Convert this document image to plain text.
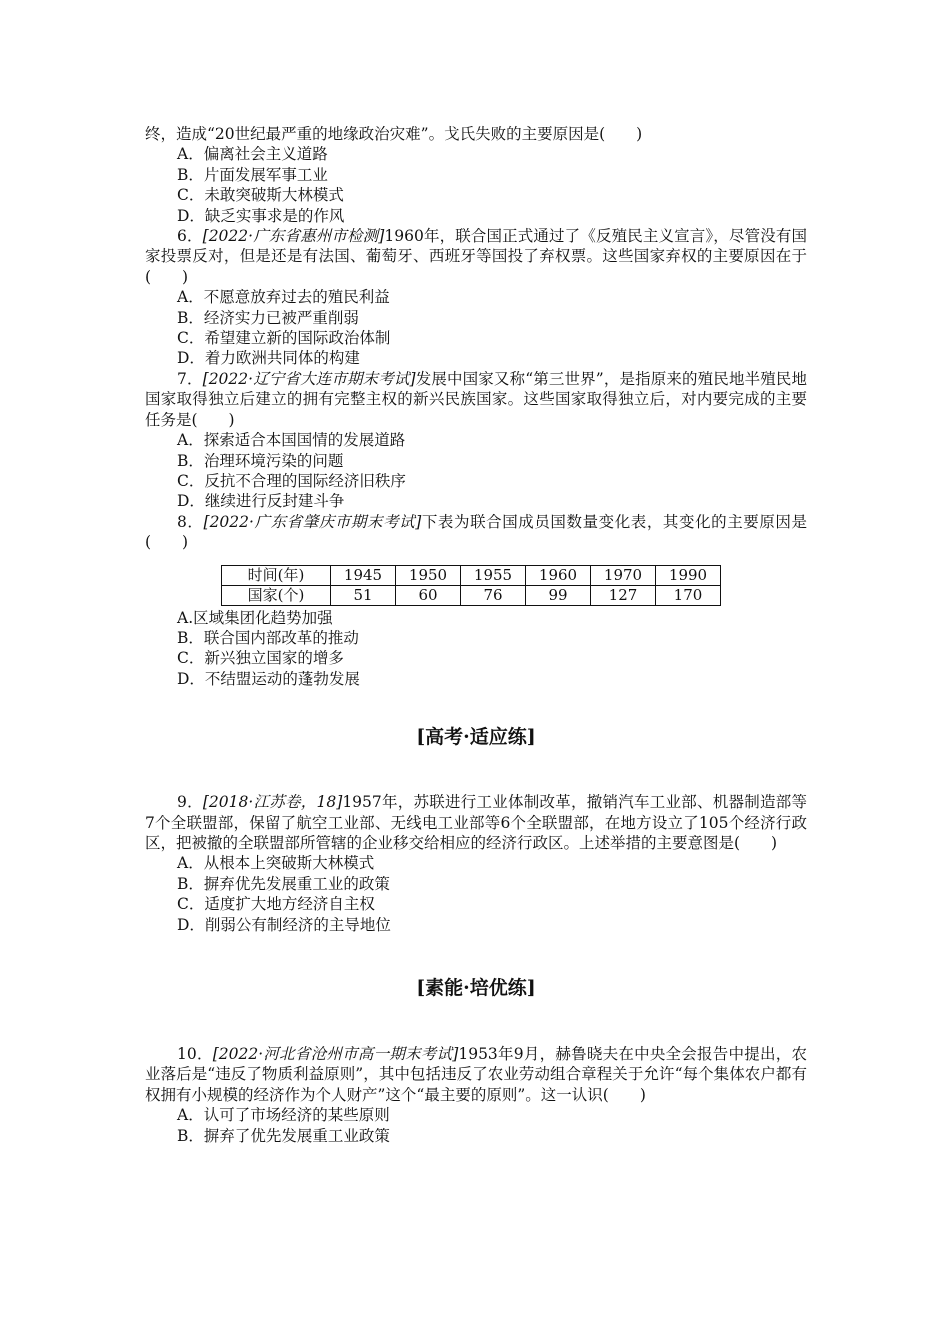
终，造成“20世纪最严重的地缘政治灾难”。戈氏失败的主要原因是(　　)
A．偏离社会主义道路
B．片面发展军事工业
C．未敢突破斯大林模式
D．缺乏实事求是的作风
6．[2022·广东省惠州市检测]1960年，联合国正式通过了《反殖民主义宣言》，尽管没有国家投票反对，但是还是有法国、葡萄牙、西班牙等国投了弃权票。这些国家弃权的主要原因在于(　　)
A．不愿意放弃过去的殖民利益
B．经济实力已被严重削弱
C．希望建立新的国际政治体制
D．着力欧洲共同体的构建
7．[2022·辽宁省大连市期末考试]发展中国家又称“第三世界”，是指原来的殖民地半殖民地国家取得独立后建立的拥有完整主权的新兴民族国家。这些国家取得独立后，对内要完成的主要任务是(　　)
A．探索适合本国国情的发展道路
B．治理环境污染的问题
C．反抗不合理的国际经济旧秩序
D．继续进行反封建斗争
8．[2022·广东省肇庆市期末考试]下表为联合国成员国数量变化表，其变化的主要原因是(　　)
时间(年)	1945	1950	1955	1960	1970	1990
国家(个)	51	60	76	99	127	170
A.区域集团化趋势加强
B．联合国内部改革的推动
C．新兴独立国家的增多
D．不结盟运动的蓬勃发展
[高考·适应练]
9．[2018·江苏卷，18]1957年，苏联进行工业体制改革，撤销汽车工业部、机器制造部等7个全联盟部，保留了航空工业部、无线电工业部等6个全联盟部，在地方设立了105个经济行政区，把被撤的全联盟部所管辖的企业移交给相应的经济行政区。上述举措的主要意图是(　　)
A．从根本上突破斯大林模式
B．摒弃优先发展重工业的政策
C．适度扩大地方经济自主权
D．削弱公有制经济的主导地位
[素能·培优练]
10．[2022·河北省沧州市高一期末考试]1953年9月，赫鲁晓夫在中央全会报告中提出，农业落后是“违反了物质利益原则”，其中包括违反了农业劳动组合章程关于允许“每个集体农户都有权拥有小规模的经济作为个人财产”这个“最主要的原则”。这一认识(　　)
A．认可了市场经济的某些原则
B．摒弃了优先发展重工业政策
